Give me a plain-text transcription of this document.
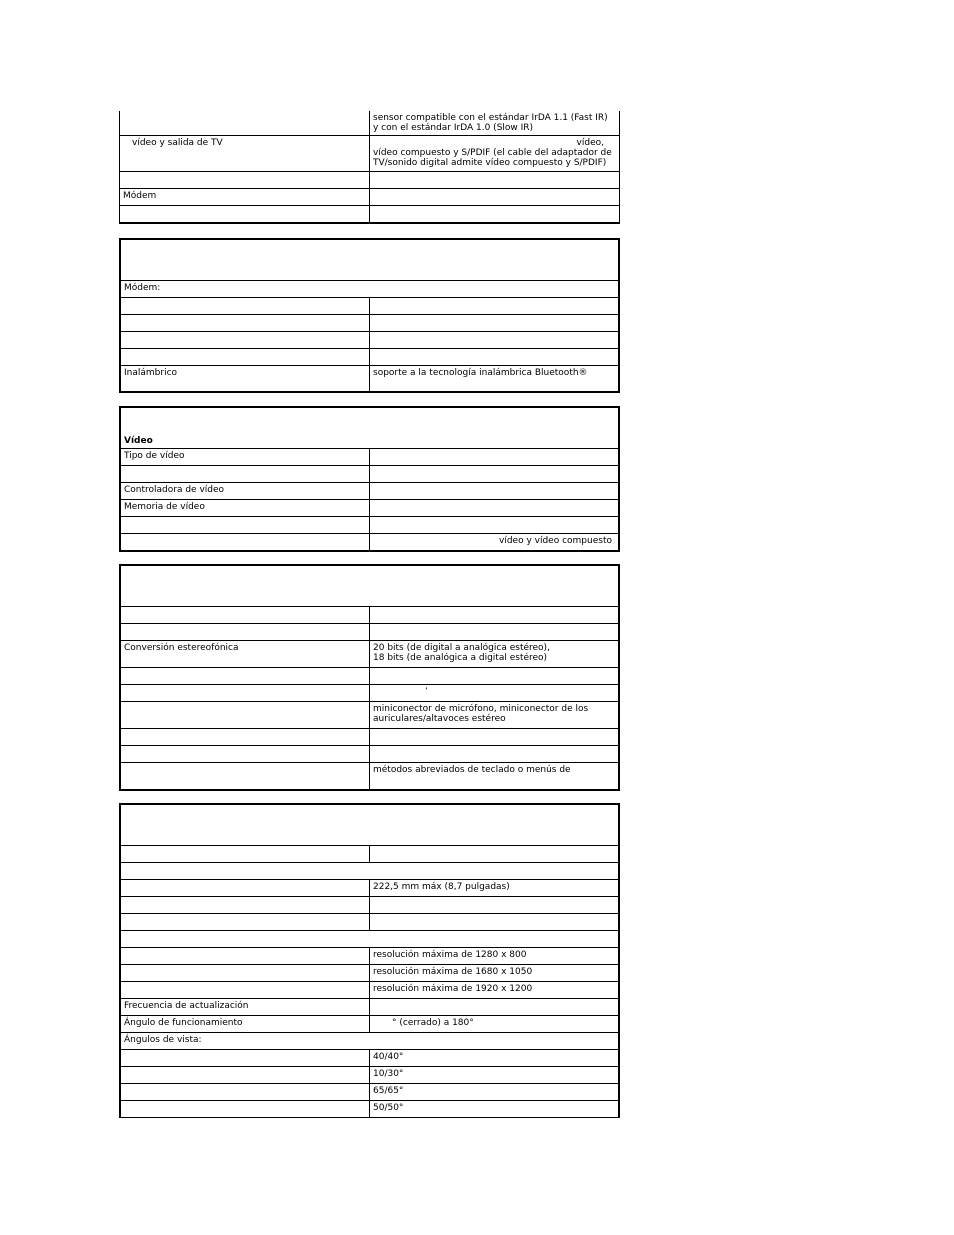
	sensor compatible con el estándar IrDA 1.1 (Fast IR)
y con el estándar IrDA 1.0 (Slow IR)

vídeo y salida de TV	vídeo,
vídeo compuesto y S/PDIF (el cable del adaptador de
TV/sonido digital admite vídeo compuesto y S/PDIF)

Módem	

Módem:	

Inalámbrico	soporte a la tecnología inalámbrica Bluetooth®
Vídeo	
Tipo de vídeo	

Controladora de vídeo	
Memoria de vídeo	

	vídeo y vídeo compuesto

Conversión estereofónica	20 bits (de digital a analógica estéreo),
18 bits (de analógica a digital estéreo)

	’

	miniconector de micrófono, miniconector de los
auriculares/altavoces estéreo

	métodos abreviados de teclado o menús de

	222,5 mm máx (8,7 pulgadas)

	resolución máxima de 1280 x 800
	resolución máxima de 1680 x 1050
	resolución máxima de 1920 x 1200
Frecuencia de actualización	
Ángulo de funcionamiento	° (cerrado) a 180°
Ángulos de vista:	
	40/40°
	10/30°
	65/65°
	50/50°
